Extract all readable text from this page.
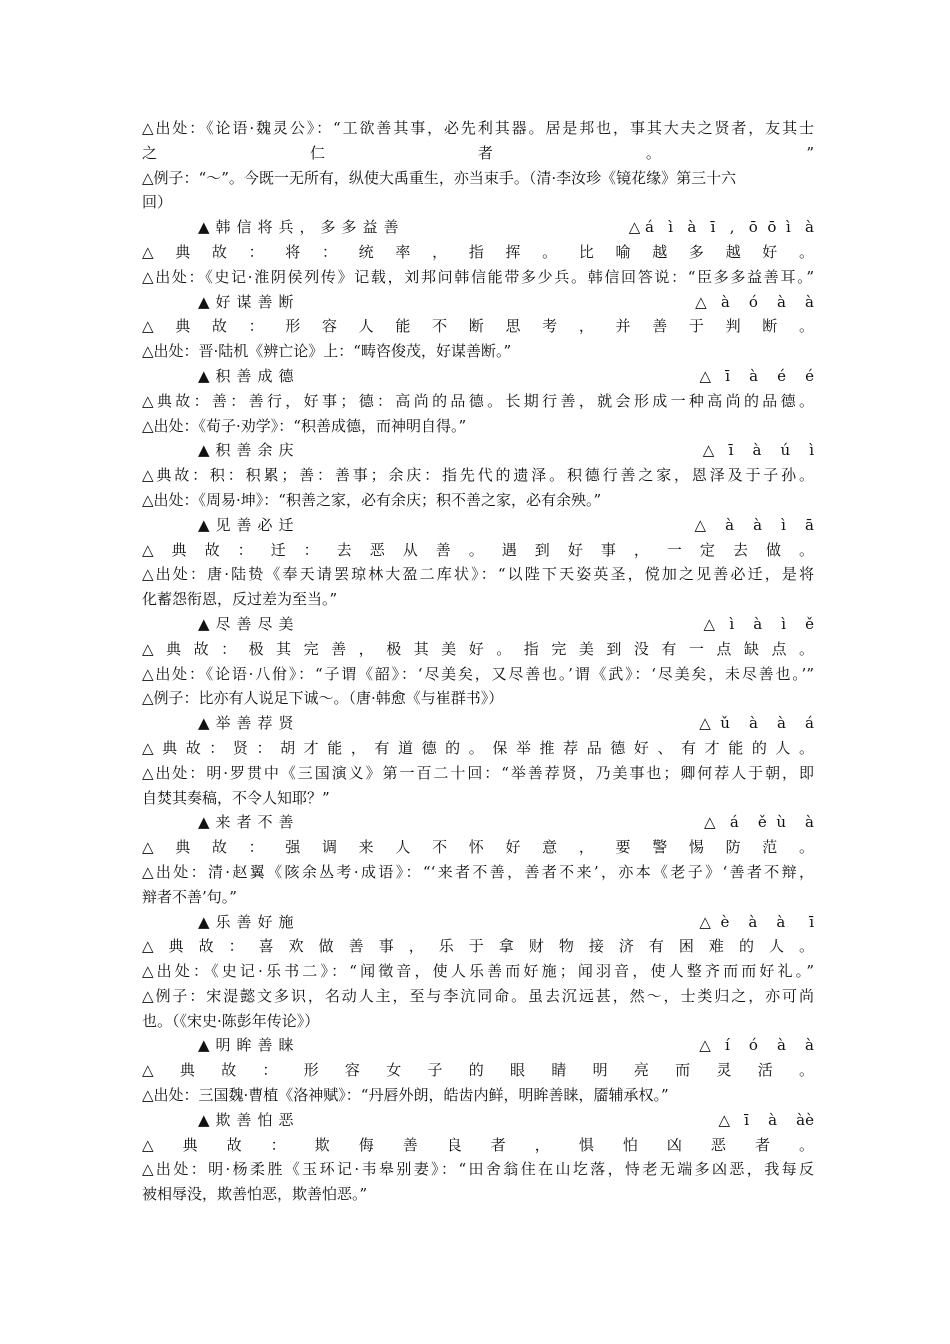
△出处：《论语·魏灵公》：“工欲善其事，必先利其器。居是邦也，事其大夫之贤者，友其士
之　　　　　　　　仁　　　　　　　　者　　　　　　　　。　　　　　　　　”
△例子：“～”。今既一无所有，纵使大禹重生，亦当束手。（清·李汝珍《镜花缘》第三十六
回）
▲韩信将兵，多多益善	△ á   ì   à   ī   ,   ō  ō  ì   à
△ 典 故 ： 将 ： 统 率 ， 指 挥 。 比 喻 越 多 越 好 。
△出处：《史记·淮阴侯列传》记载，刘邦问韩信能带多少兵。韩信回答说：“臣多多益善耳。”
▲好谋善断	△   à    ó    à    à
△ 典 故 ： 形 容 人 能 不 断 思 考 ， 并 善 于 判 断 。
△出处：晋·陆机《辨亡论》上：“畴咨俊茂，好谋善断。”
▲积善成德	△   ī    à    é    é
△典故：善：善行，好事；德：高尚的品德。长期行善，就会形成一种高尚的品德。
△出处：《荀子·劝学》：“积善成德，而神明自得。”
▲积善余庆	△   ī    à    ú    ì
△典故：积：积累；善：善事；余庆：指先代的遗泽。积德行善之家，恩泽及于子孙。
△出处：《周易·坤》：“积善之家，必有余庆；积不善之家，必有余殃。”
▲见善必迁	△    à    à    ì    ā
△ 典 故 ： 迁 ： 去 恶 从 善 。 遇 到 好 事 ， 一 定 去 做 。
△出处：唐·陆贽《奉天请罢琼林大盈二库状》：“以陛下天姿英圣，傥加之见善必迁，是将
化蓄怨衔恩，反过差为至当。”
▲尽善尽美	△   ì    à    ì    ě
△ 典 故 ： 极 其 完 善 ， 极 其 美 好 。 指 完 美 到 没 有 一 点 缺 点 。
△出处：《论语·八佾》：“子谓《韶》：‘尽美矣，又尽善也。’谓《武》：‘尽美矣，未尽善也。’”
△例子：比亦有人说足下诚～。（唐·韩愈《与崔群书》）
▲举善荐贤	△  ǔ    à    à    á
△ 典 故 ： 贤 ： 胡 才 能 ， 有 道 德 的 。 保 举 推 荐 品 德 好 、 有 才 能 的 人 。
△出处：明·罗贯中《三国演义》第一百二十回：“举善荐贤，乃美事也；卿何荐人于朝，即
自焚其奏稿，不令人知耶？”
▲来者不善	△   á    ě  ù    à
△ 典 故 ： 强 调 来 人 不 怀 好 意 ， 要 警 惕 防 范 。
△出处：清·赵翼《陔余丛考·成语》：“‘来者不善，善者不来’，亦本《老子》‘善者不辩，
辩者不善’句。”
▲乐善好施	△  è    à    à     ī
△ 典 故 ： 喜 欢 做 善 事 ， 乐 于 拿 财 物 接 济 有 困 难 的 人 。
△出处：《史记·乐书二》：“闻徵音，使人乐善而好施；闻羽音，使人整齐而而好礼。”
△例子：宋湜懿文多识，名动人主，至与李沆同命。虽去沉远甚，然～，士类归之，亦可尚
也。（《宋史·陈彭年传论》）
▲明眸善睐	△   í    ó    à    à
△ 典 故 ： 形 容 女 子 的 眼 睛 明 亮 而 灵 活 。
△出处：三国魏·曹植《洛神赋》：“丹唇外朗，皓齿内鲜，明眸善睐，靥辅承权。”
▲欺善怕恶	△   ī    à    àè
△ 典 故 ： 欺 侮 善 良 者 ， 惧 怕 凶 恶 者 。
△出处：明·杨柔胜《玉环记·韦皋别妻》：“田舍翁住在山圪落，恃老无端多凶恶，我每反
被相辱没，欺善怕恶，欺善怕恶。”
